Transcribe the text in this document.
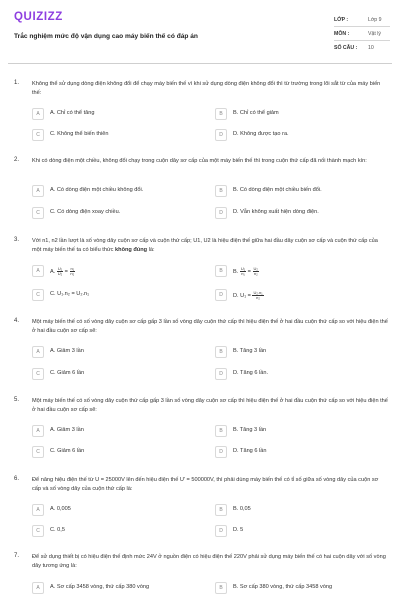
QUIZIZZ
Trắc nghiệm mức độ vận dụng cao máy biến thế có đáp án
LỚP :	Lớp 9
MÔN :	Vật lý
SỐ CÂU : 10
1. Không thể sử dụng dòng điện không đổi để chạy máy biến thế vì khi sử dụng dòng điện không đổi thì từ trường trong lõi sắt từ của máy biến thế:
A	A. Chỉ có thể tăng	B	B. Chỉ có thể giảm
C	C. Không thể biến thiên	D	D. Không được tạo ra.
2. Khi có dòng điện một chiều, không đổi chạy trong cuộn dây sơ cấp của một máy biến thế thì trong cuộn thứ cấp đã nối thành mạch kín:
A	A. Có dòng điện một chiều không đổi.	B	B. Có dòng điện một chiều biến đổi.
C	C. Có dòng điện xoay chiều.	D	D. Vẫn không xuất hiện dòng điện.
3. Với n1, n2 lần lượt là số vòng dây cuộn sơ cấp và cuộn thứ cấp; U1, U2 là hiệu điện thế giữa hai đầu dây cuộn sơ cấp và cuộn thứ cấp của một máy biến thế ta có biểu thức không đúng là:
A	A. $\frac{\text{U₁}}{\text{U₂}} = \frac{\text{n₁}}{\text{n₂}}$	B	B. $\frac{\text{U₁}}{\text{n₁}} = \frac{\text{U₂}}{\text{n₂}}$
C	C. U₁.n₂ = U₂.n₁	D	D. $U_1 = \frac{\text{U₂.n₁}}{\text{n₂}}$
4. Một máy biến thế có số vòng dây cuộn sơ cấp gấp 3 lần số vòng dây cuộn thứ cấp thì hiệu điện thế ở hai đầu cuộn thứ cấp so với hiệu điện thế ở hai đầu cuộn sơ cấp sẽ:
A	A. Giảm 3 lần	B	B. Tăng 3 lần
C	C. Giảm 6 lần	D	D. Tăng 6 lần.
5. Một máy biến thế có số vòng dây cuộn thứ cấp gấp 3 lần số vòng dây cuộn sơ cấp thì hiệu điện thế ở hai đầu cuộn thứ cấp so với hiệu điện thế ở hai đầu cuộn sơ cấp sẽ:
A	A. Giảm 3 lần	B	B. Tăng 3 lần
C	C. Giảm 6 lần	D	D. Tăng 6 lần
6. Để nâng hiệu điện thế từ U = 25000V lên đến hiệu điện thế U' = 500000V, thì phải dùng máy biến thế có tỉ số giữa số vòng dây của cuộn sơ cấp và số vòng dây của cuộn thứ cấp là:
A	A. 0,005	B	B. 0,05
C	C. 0,5	D	D. 5
7. Để sử dụng thiết bị có hiệu điện thế định mức 24V ở nguồn điện có hiệu điện thế 220V phải sử dụng máy biến thế có hai cuộn dây với số vòng dây tương ứng là:
A	A. Sơ cấp 3458 vòng, thứ cấp 380 vòng	B	B. Sơ cấp 380 vòng, thứ cấp 3458 vòng
